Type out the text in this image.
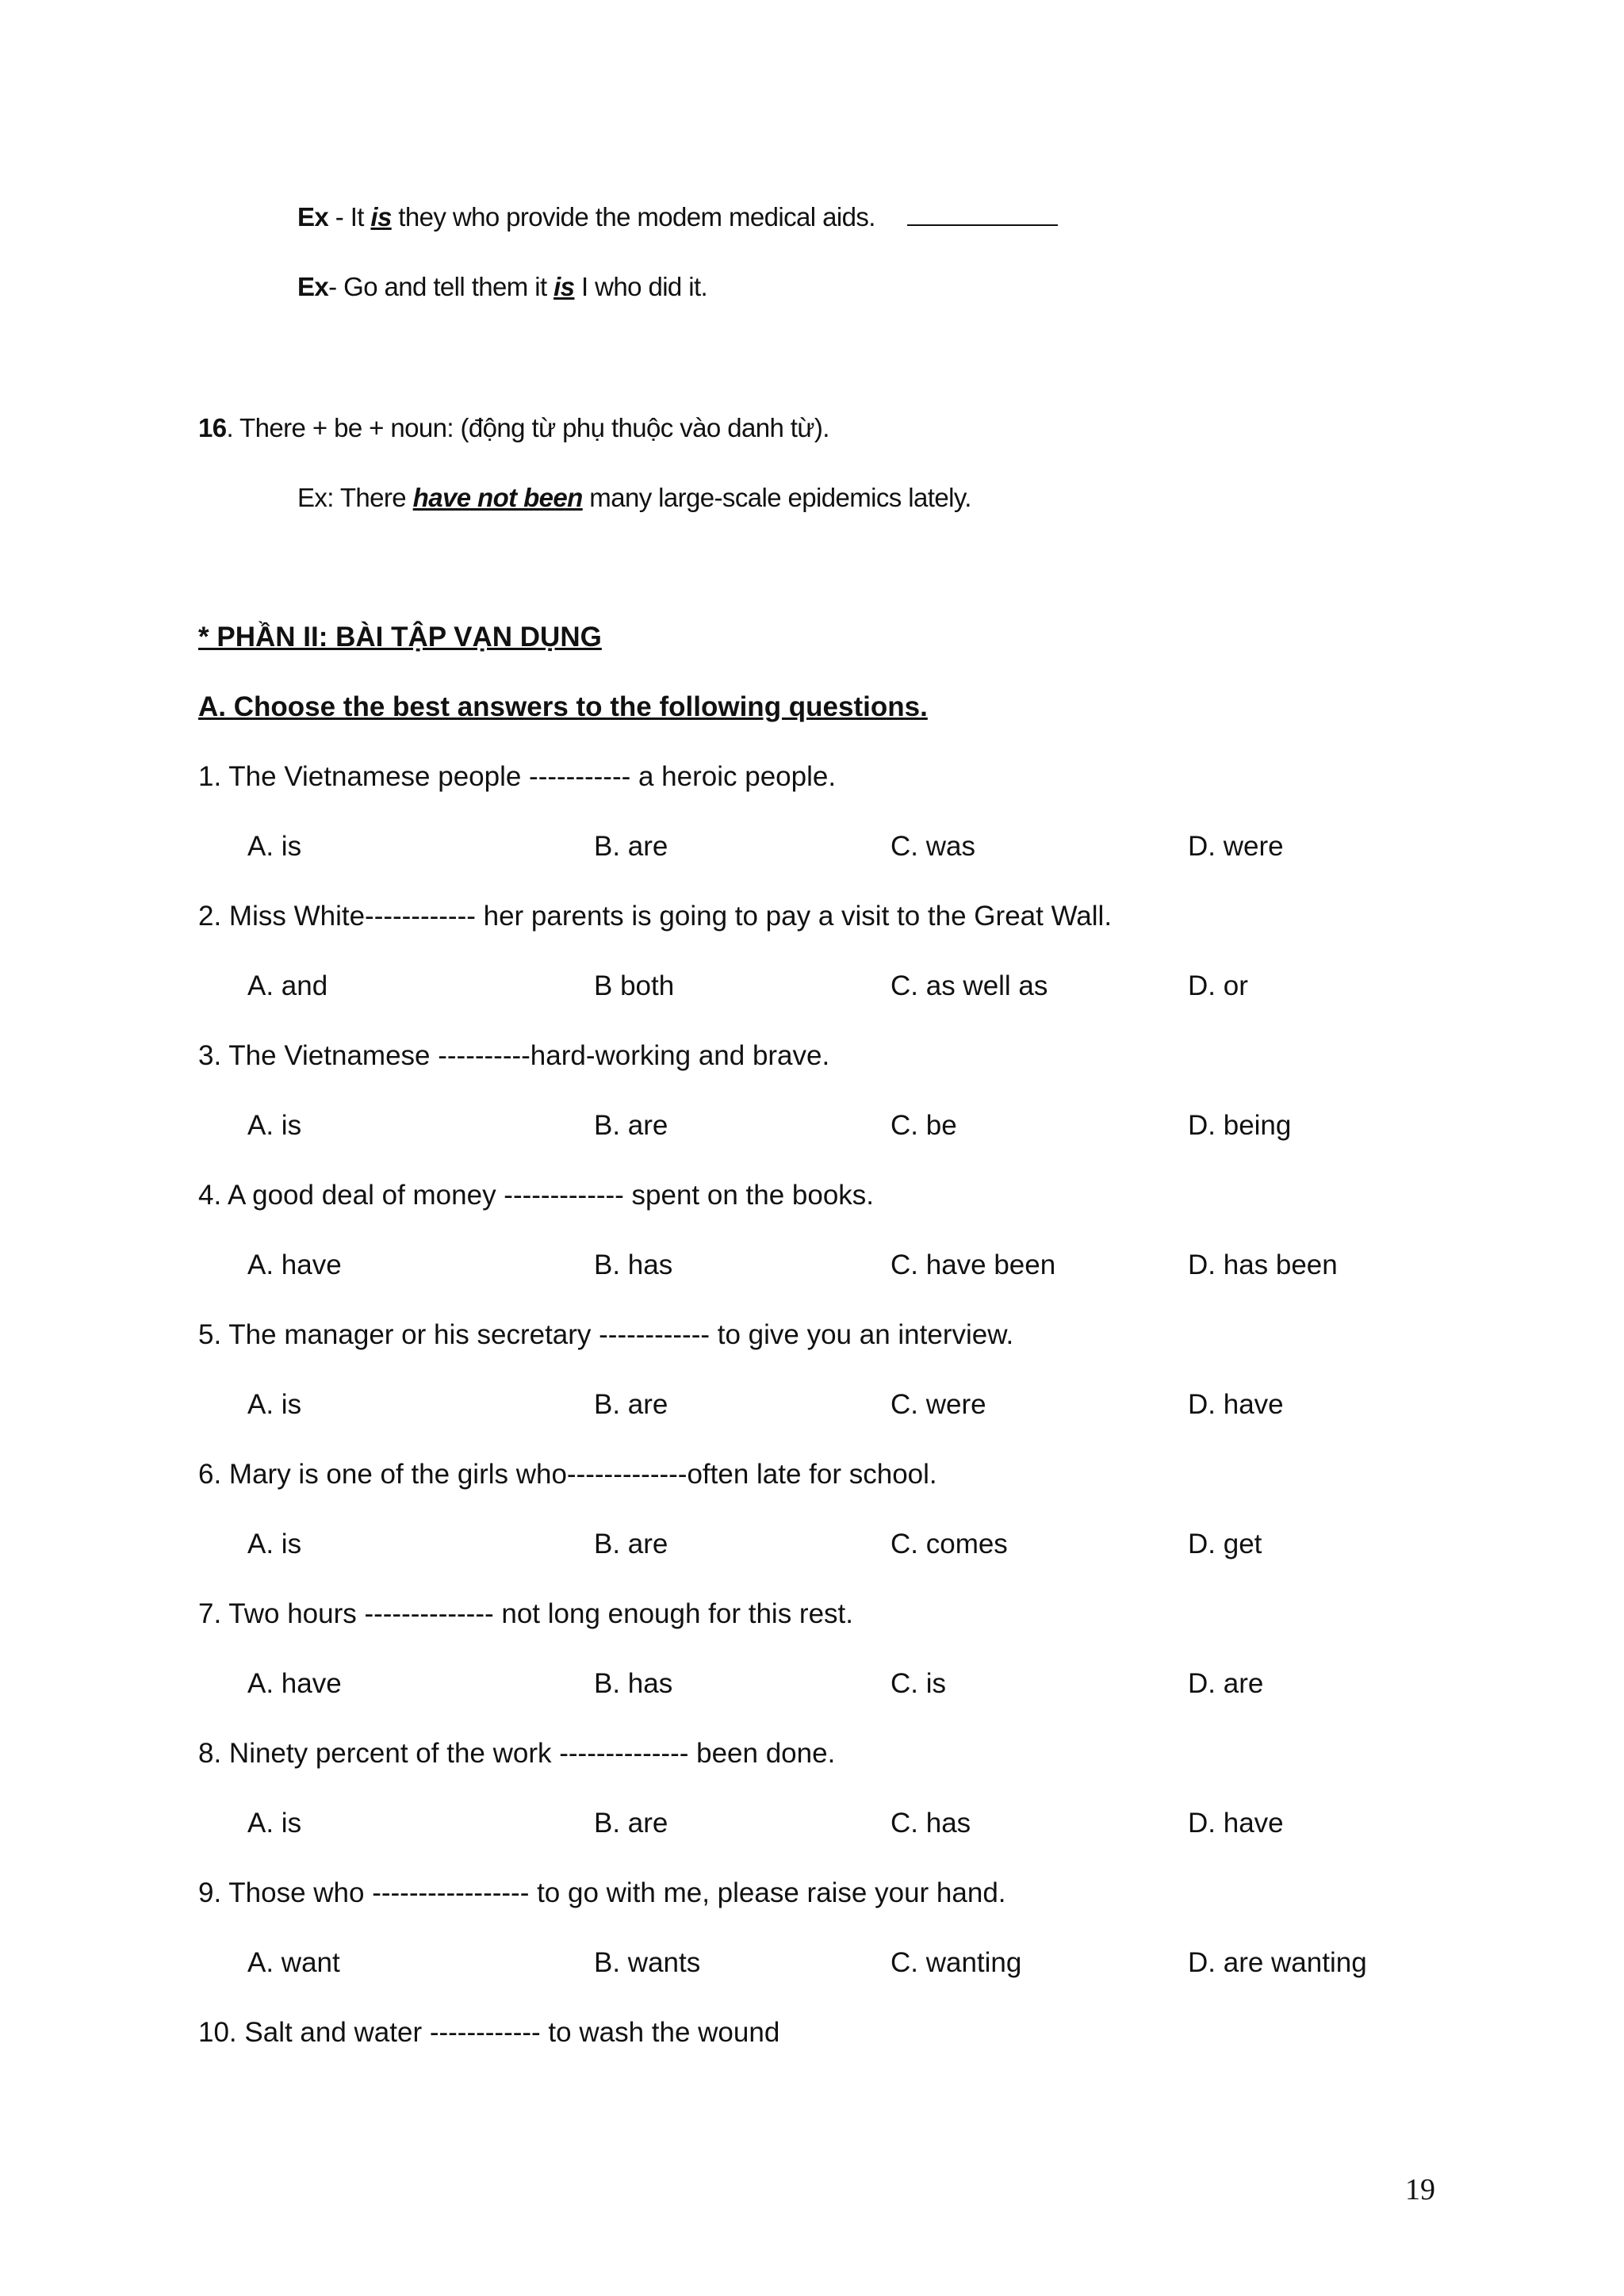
Ex - It is they who provide the modem medical aids.
Ex- Go and tell them it is I who did it.
16. There + be + noun: (động từ phụ thuộc vào danh từ).
Ex: There have not been many large-scale epidemics lately.
* PHẦN II: BÀI TẬP VẠN DỤNG
A. Choose the best answers to the following questions.
1. The Vietnamese people ----------- a heroic people.
A. is	B. are	C. was	D. were
2. Miss White------------ her parents is going to pay a visit to the Great Wall.
A. and	B both	C. as well as	D. or
3. The Vietnamese ----------hard-working and brave.
A. is	B. are	C. be	D. being
4. A good deal of money ------------- spent on the books.
A. have	B. has	C. have been	D. has been
5. The manager or his secretary ------------ to give you an interview.
A. is	B. are	C. were	D. have
6. Mary is one of the girls who-------------often late for school.
A. is	B. are	C. comes	D. get
7. Two hours -------------- not long enough for this rest.
A. have	B. has	C. is	D. are
8. Ninety percent of the work -------------- been done.
A. is	B. are	C. has	D. have
9. Those who ----------------- to go with me, please raise your hand.
A. want	B. wants	C. wanting	D. are wanting
10. Salt and water ------------ to wash the wound
19
